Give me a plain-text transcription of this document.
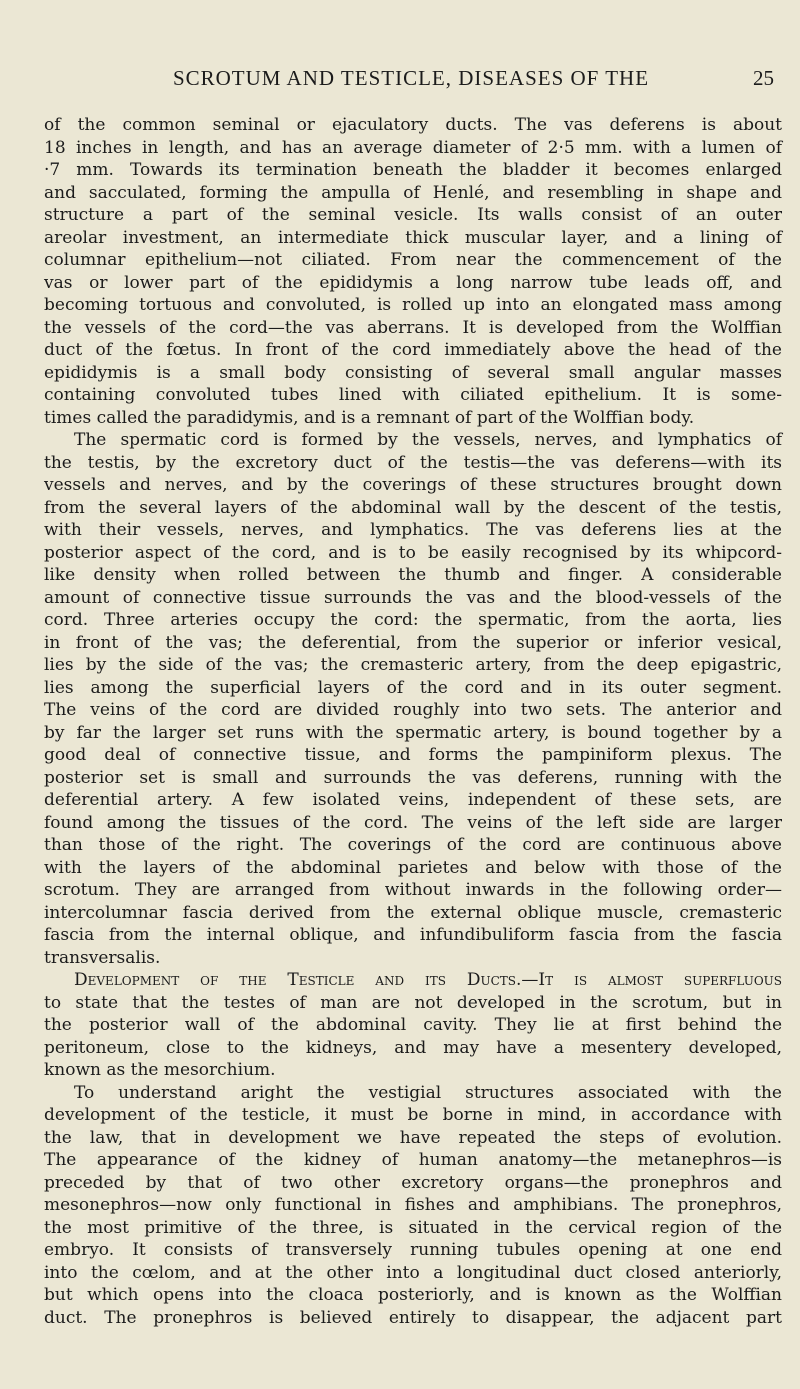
SCROTUM AND TESTICLE, DISEASES OF THE	25
of the common seminal or ejaculatory ducts. The vas deferens is about
18 inches in length, and has an average diameter of 2·5 mm. with a lumen of
·7 mm. Towards its termination beneath the bladder it becomes enlarged
and sacculated, forming the ampulla of Henlé, and resembling in shape and
structure a part of the seminal vesicle. Its walls consist of an outer
areolar investment, an intermediate thick muscular layer, and a lining of
columnar epithelium—not ciliated. From near the commencement of the
vas or lower part of the epididymis a long narrow tube leads off, and
becoming tortuous and convoluted, is rolled up into an elongated mass among
the vessels of the cord—the vas aberrans. It is developed from the Wolffian
duct of the fœtus. In front of the cord immediately above the head of the
epididymis is a small body consisting of several small angular masses
containing convoluted tubes lined with ciliated epithelium. It is some-
times called the paradidymis, and is a remnant of part of the Wolffian body.
The spermatic cord is formed by the vessels, nerves, and lymphatics of
the testis, by the excretory duct of the testis—the vas deferens—with its
vessels and nerves, and by the coverings of these structures brought down
from the several layers of the abdominal wall by the descent of the testis,
with their vessels, nerves, and lymphatics. The vas deferens lies at the
posterior aspect of the cord, and is to be easily recognised by its whipcord-
like density when rolled between the thumb and finger. A considerable
amount of connective tissue surrounds the vas and the blood-vessels of the
cord. Three arteries occupy the cord: the spermatic, from the aorta, lies
in front of the vas; the deferential, from the superior or inferior vesical,
lies by the side of the vas; the cremasteric artery, from the deep epigastric,
lies among the superficial layers of the cord and in its outer segment.
The veins of the cord are divided roughly into two sets. The anterior and
by far the larger set runs with the spermatic artery, is bound together by a
good deal of connective tissue, and forms the pampiniform plexus. The
posterior set is small and surrounds the vas deferens, running with the
deferential artery. A few isolated veins, independent of these sets, are
found among the tissues of the cord. The veins of the left side are larger
than those of the right. The coverings of the cord are continuous above
with the layers of the abdominal parietes and below with those of the
scrotum. They are arranged from without inwards in the following order—
intercolumnar fascia derived from the external oblique muscle, cremasteric
fascia from the internal oblique, and infundibuliform fascia from the fascia
transversalis.
Development of the Testicle and its Ducts.—It is almost superfluous
to state that the testes of man are not developed in the scrotum, but in
the posterior wall of the abdominal cavity. They lie at first behind the
peritoneum, close to the kidneys, and may have a mesentery developed,
known as the mesorchium.
To understand aright the vestigial structures associated with the
development of the testicle, it must be borne in mind, in accordance with
the law, that in development we have repeated the steps of evolution.
The appearance of the kidney of human anatomy—the metanephros—is
preceded by that of two other excretory organs—the pronephros and
mesonephros—now only functional in fishes and amphibians. The pronephros,
the most primitive of the three, is situated in the cervical region of the
embryo. It consists of transversely running tubules opening at one end
into the cœlom, and at the other into a longitudinal duct closed anteriorly,
but which opens into the cloaca posteriorly, and is known as the Wolffian
duct. The pronephros is believed entirely to disappear, the adjacent part
